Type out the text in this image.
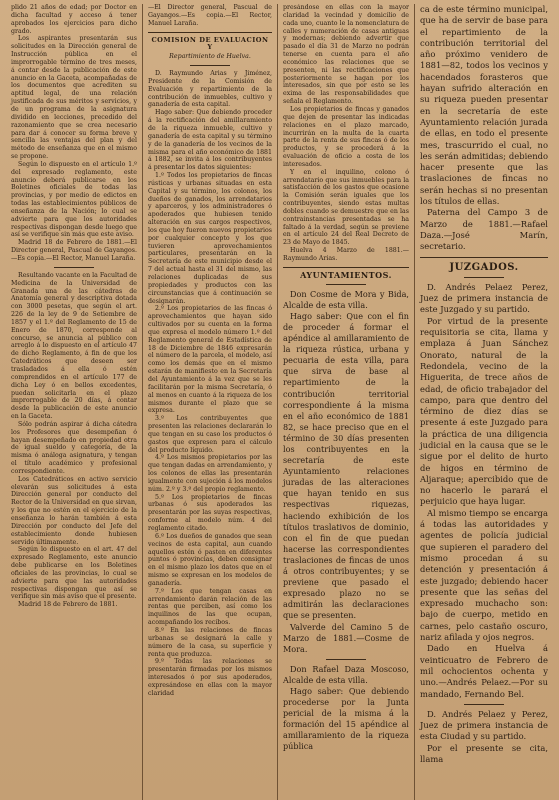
plido 21 años de edad; por Doctor en dicha facultad y acceso á tener aprobados los ejercicios para dicho grado.

Los aspirantes presentarán sus solicitudes en la Dirección general de Instrucción pública en el improrrogable término de tres meses, á contar desde la publicación de este anuncio en la Gaceta, acompañadas de los documentos que acrediten su aptitud legal, de una relación justificada de sus méritos y servicios, y de un programa de la asignatura dividido en lecciones, precedido del razonamiento que se crea necesario para dar á conocer su forma breve y sencilla las ventajas del plan y del método de enseñanza que en el mismo se propone.

Según lo dispuesto en el artículo 1.º del expresado reglamento, este anuncio deberá publicarse en los Boletines oficiales de todas las provincias, y por medio de edictos en todas las establecimientos públicos de enseñanza de la Nación; lo cual se advierte para que los autoridades respectivas dispongan desde luego que así se verifique sin más que este aviso.

Madrid 18 de Febrero de 1881.—El Director general, Pascual de Gayangos.—Es copia.—El Rector, Manuel Laraña.

Resultando vacante en la Facultad de Medicina de la Universidad de Granada una de las cátedras de Anatomía general y descriptiva dotada con 3000 pesetas, que según el art. 226 de la ley de 9 de Setiembre de 1857 y el 1.º del Reglamento de 15 de Enero de 1870, corresponde al concurso, se anuncia al público con arreglo á lo dispuesto en el artículo 47 de dicho Reglamento, á fin de que los Catedráticos que deseen ser trasladados á ella ó estén comprendidos en el artículo 177 de dicha Ley ó en bellos excedentes, puedan solicitarla en el plazo improrrogable de 20 días, á contar desde la publicación de este anuncio en la Gaceta.

Sólo podrán aspirar á dicha cátedra los Profesores que desempeñan ó hayan desempeñado en propiedad otra de igual sueldo y categoría, de la misma ó análoga asignatura, y tengan el título académico y profesional correspondiente.

Los Catedráticos en activo servicio elevarán sus solicitudes á esta Dirección general por conducto del Rector de la Universidad en que sirvan, y los que no estén en el ejercicio de la enseñanza lo harán también á esta Dirección por conducto del Jefe del establecimiento donde hubiesen servido últimamente.

Según lo dispuesto en el art. 47 del expresado Reglamento, este anuncio debe publicarse en los Boletines oficiales de las provincias, lo cual se advierte para que las autoridades respectivas dispongan que así se verifique sin más aviso que el presente.

Madrid 18 de Febrero de 1881.

—El Director general, Pascual de Gayangos.—Es copia.—El Rector, Manuel Laraña.

COMISION DE EVALUACION Y

Repartimiento de Huelva.

D. Raymundo Arias y Jiménez, Presidente de la Comisión de Evaluación y repartimiento de la contribución de inmuebles, cultivo y ganadería de esta capital.

Hago saber: Que debiendo proceder á la rectificación del amillaramiento de la riqueza inmueble, cultivo y ganadería de esta capital y su término y de la ganadería de los vecinos de la misma para el año económico de 1881 á 1882, se invita á los contribuyentes á presentar los datos siguientes:

1.º Todos los propietarios de fincas rústicas y urbanas situadas en esta Capital y su término, los colonos, los dueños de ganados, los arrendatarios y aparceros, y los administradores ó apoderados que hubiesen tenido alteración en sus cargos respectivos, los que hoy fueron nuevos propietarios por cualquier concepto y los que tuvieren aprovechamientos particulares, presentarán en la Secretaría de este municipio desde el 7 del actual hasta el 31 del mismo, las relaciones duplicadas de sus propiedades y productos con las circunstancias que á continuación se designarán.

2.º Los propietarios de las fincas ó aprovechamientos que hayan sido cultivados por su cuenta en la forma que expresa el modelo número 1.º del Reglamento general de Estadística de 18 de Diciembre de 1846 expresarán el número de la parcela, el modelo, así como los demás que en el mismo estarán de manifiesto en la Secretaría del Ayuntamiento á la vez que se les facilitarán por la misma Secretaría, ó al menos en cuanto á la riqueza de los mismos durante el plazo que se expresa.

3.º Los contribuyentes que presenten las relaciones declararán lo que tengan en su caso los productos ó gastos que expresen para el cálculo del producto líquido.

4.º Los mismos propietarios por las que tengan dadas en arrendamiento, y los colonos de ellas las presentarán igualmente con sujeción á los modelos núm. 2.º y 3.º del propio reglamento.

5.º Los propietarios de fincas urbanas ó sus apoderados las presentarán por las suyas respectivas, conforme al modelo núm. 4 del reglamento citado.

6.º Los dueños de ganados que sean vecinos de esta capital, aun cuando aquellos estén ó pasten en diferentes puntos ó provincias, deben consignar en el mismo plazo los datos que en el mismo se expresan en los modelos de ganadería.

7.º Los que tengan casas en arrendamiento darán relación de las rentas que perciben, así como los inquilinos de las que ocupan, acompañando los recibos.

8.º En las relaciones de fincas urbanas se designará la calle y número de la casa, su superficie y renta que produzca.

9.º Todas las relaciones se presentarán firmadas por los mismos interesados ó por sus apoderados, expresándose en ellas con la mayor claridad

presándose en ellas con la mayor claridad la vecindad y domicilio de cada uno, cuanto le la nomenclatura de calles y numeración de casas antiguas y modernas; debiendo advertir que pasado el día 31 de Marzo no podrán tenerse en cuenta para el año económico las relaciones que se presenten, ni las rectificaciones que posteriormente se hagan por los interesados, sin que por esto se les exima de las responsabilidades que señala el Reglamento.

Los propietarios de fincas y ganados que dejen de presentar las indicadas relaciones en el plazo marcado, incurrirán en la multa de la cuarta parte de la renta de sus fincas ó de los productos, y se procederá á la evaluación de oficio a costa de los interesados.

Y en el inquilino, colono ó arrendatario que sus inmuebles para la satisfacción de los gastos que ocasione la Comisión serán iguales que los contribuyentes, siendo estas multas dobles cuando se demuestre que en las contrainstancias presentadas se ha faltado á la verdad, según se previene en el artículo 24 del Real Decreto de 23 de Mayo de 1845.

Huelva 4 Marzo de 1881.—Raymundo Arias.

AYUNTAMIENTOS.

Don Cosme de Mora y Bida, Alcalde de esta villa.

Hago saber: Que con el fin de proceder á formar el apéndice al amillaramiento de la riqueza rústica, urbana y pecuaria de esta villa, para que sirva de base al repartimiento de la contribución territorial correspondiente á la misma en el año económico de 1881 82, se hace preciso que en el término de 30 días presenten los contribuyentes en la secretaría de este Ayuntamiento relaciones juradas de las alteraciones que hayan tenido en sus respectivas riquezas, haciendo exhibición de los títulos traslativos de dominio, con el fin de que puedan hacerse las correspondientes traslaciones de fincas de unos á otros contribuyentes; y se previene que pasado el expresado plazo no se admitirán las declaraciones que se presenten.

Valverde del Camino 5 de Marzo de 1881.—Cosme de Mora.

Don Rafael Daza Moscoso, Alcalde de esta villa.

Hago saber: Que debiendo procederse por la Junta pericial de la misma á la formación del 15 apéndice al amillaramiento de la riqueza pública

ca de este término municipal, que ha de servir de base para el repartimiento de la contribución territorial del año próximo venidero de 1881—82, todos los vecinos y hacendados forasteros que hayan sufrido alteración en su riqueza pueden presentar en la secretaría de este Ayuntamiento relación jurada de ellas, en todo el presente mes, trascurrido el cual, no les serán admitidas; debiendo hacer presente que las traslaciones de fincas no serán hechas si no presentan los títulos de ellas.

Paterna del Campo 3 de Marzo de 1881.—Rafael Daza.—José Marín, secretario.

JUZGADOS.

D. Andrés Pelaez Perez, Juez de primera instancia de este Juzgado y su partido.

Por virtud de la presente requisitoria se cita, llama y emplaza á Juan Sánchez Onorato, natural de la Redondela, vecino de la Higuerita, de trece años de edad, de oficio trabajador del campo, para que dentro del término de diez días se presente á este Juzgado para la práctica de una diligencia judicial en la causa que se le sigue por el delito de hurto de higos en término de Aljaraque; apercibido que de no hacerlo le parará el perjuicio que haya lugar.

Al mismo tiempo se encarga á todas las autoridades y agentes de policía judicial que supieren el paradero del mismo procedan á su detención y presentación á este juzgado; debiendo hacer presente que las señas del expresado muchacho son: bajo de cuerpo, metido en carnes, pelo castaño oscuro, nariz afilada y ojos negros.

Dado en Huelva á veinticuatro de Febrero de mil ochocientos ochenta y uno.—Andrés Pelaez.—Por su mandado, Fernando Bel.

D. Andrés Pelaez y Perez, Juez de primera instancia de esta Ciudad y su partido.

Por el presente se cita, llama
